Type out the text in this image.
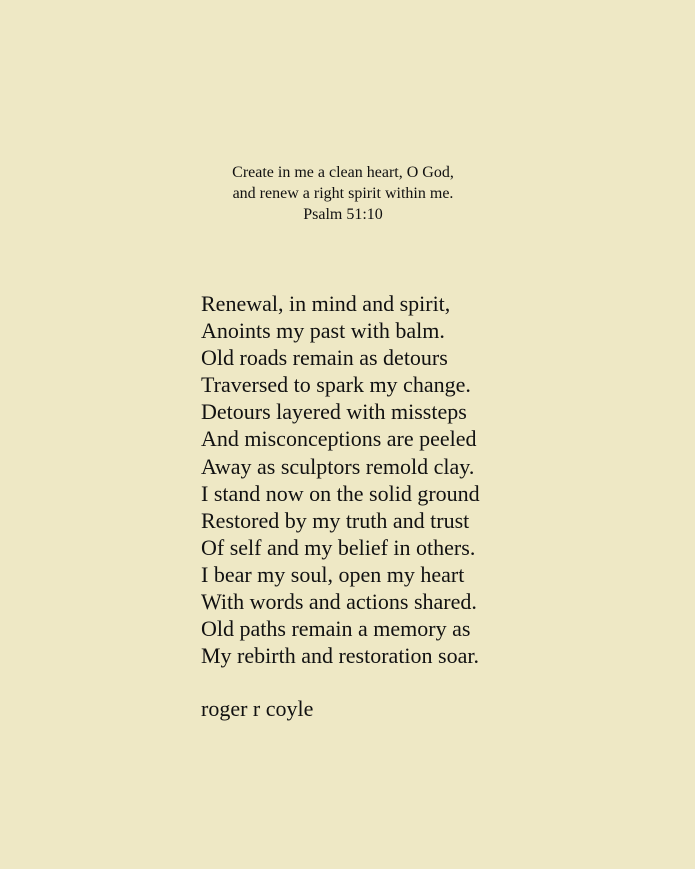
Create in me a clean heart, O God,
and renew a right spirit within me.
Psalm 51:10
Renewal, in mind and spirit,
Anoints my past with balm.
Old roads remain as detours
Traversed to spark my change.
Detours layered with missteps
And misconceptions are peeled
Away as sculptors remold clay.
I stand now on the solid ground
Restored by my truth and trust
Of self and my belief in others.
I bear my soul, open my heart
With words and actions shared.
Old paths remain a memory as
My rebirth and restoration soar.
roger r coyle
